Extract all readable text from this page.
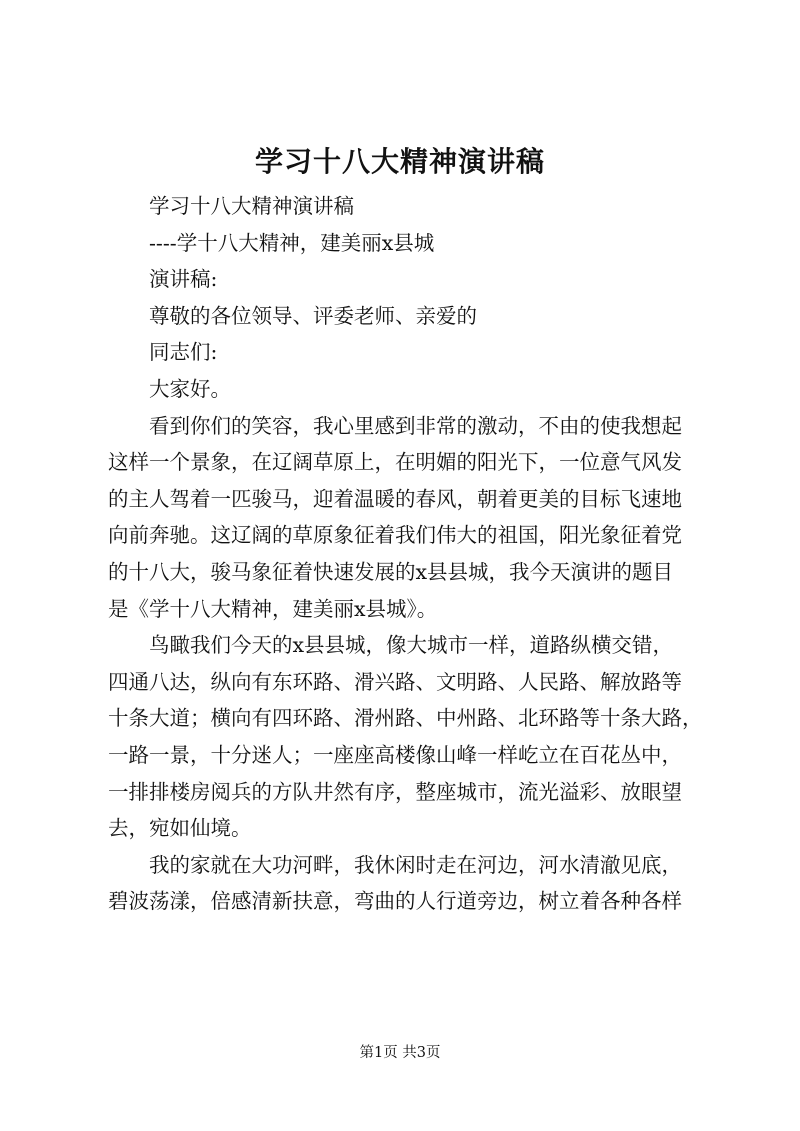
学习十八大精神演讲稿

学习十八大精神演讲稿

----学十八大精神，建美丽x县城

演讲稿:

尊敬的各位领导、评委老师、亲爱的

同志们:

大家好。

看到你们的笑容，我心里感到非常的激动，不由的使我想起
这样一个景象，在辽阔草原上，在明媚的阳光下，一位意气风发
的主人驾着一匹骏马，迎着温暖的春风，朝着更美的目标飞速地
向前奔驰。这辽阔的草原象征着我们伟大的祖国，阳光象征着党
的十八大，骏马象征着快速发展的x县县城，我今天演讲的题目
是《学十八大精神，建美丽x县城》。
鸟瞰我们今天的x县县城，像大城市一样，道路纵横交错，
四通八达，纵向有东环路、滑兴路、文明路、人民路、解放路等
十条大道；横向有四环路、滑州路、中州路、北环路等十条大路，
一路一景，十分迷人；一座座高楼像山峰一样屹立在百花丛中，
一排排楼房阅兵的方队井然有序，整座城市，流光溢彩、放眼望
去，宛如仙境。
我的家就在大功河畔，我休闲时走在河边，河水清澈见底，
碧波荡漾，倍感清新扶意，弯曲的人行道旁边，树立着各种各样
第1页 共3页
